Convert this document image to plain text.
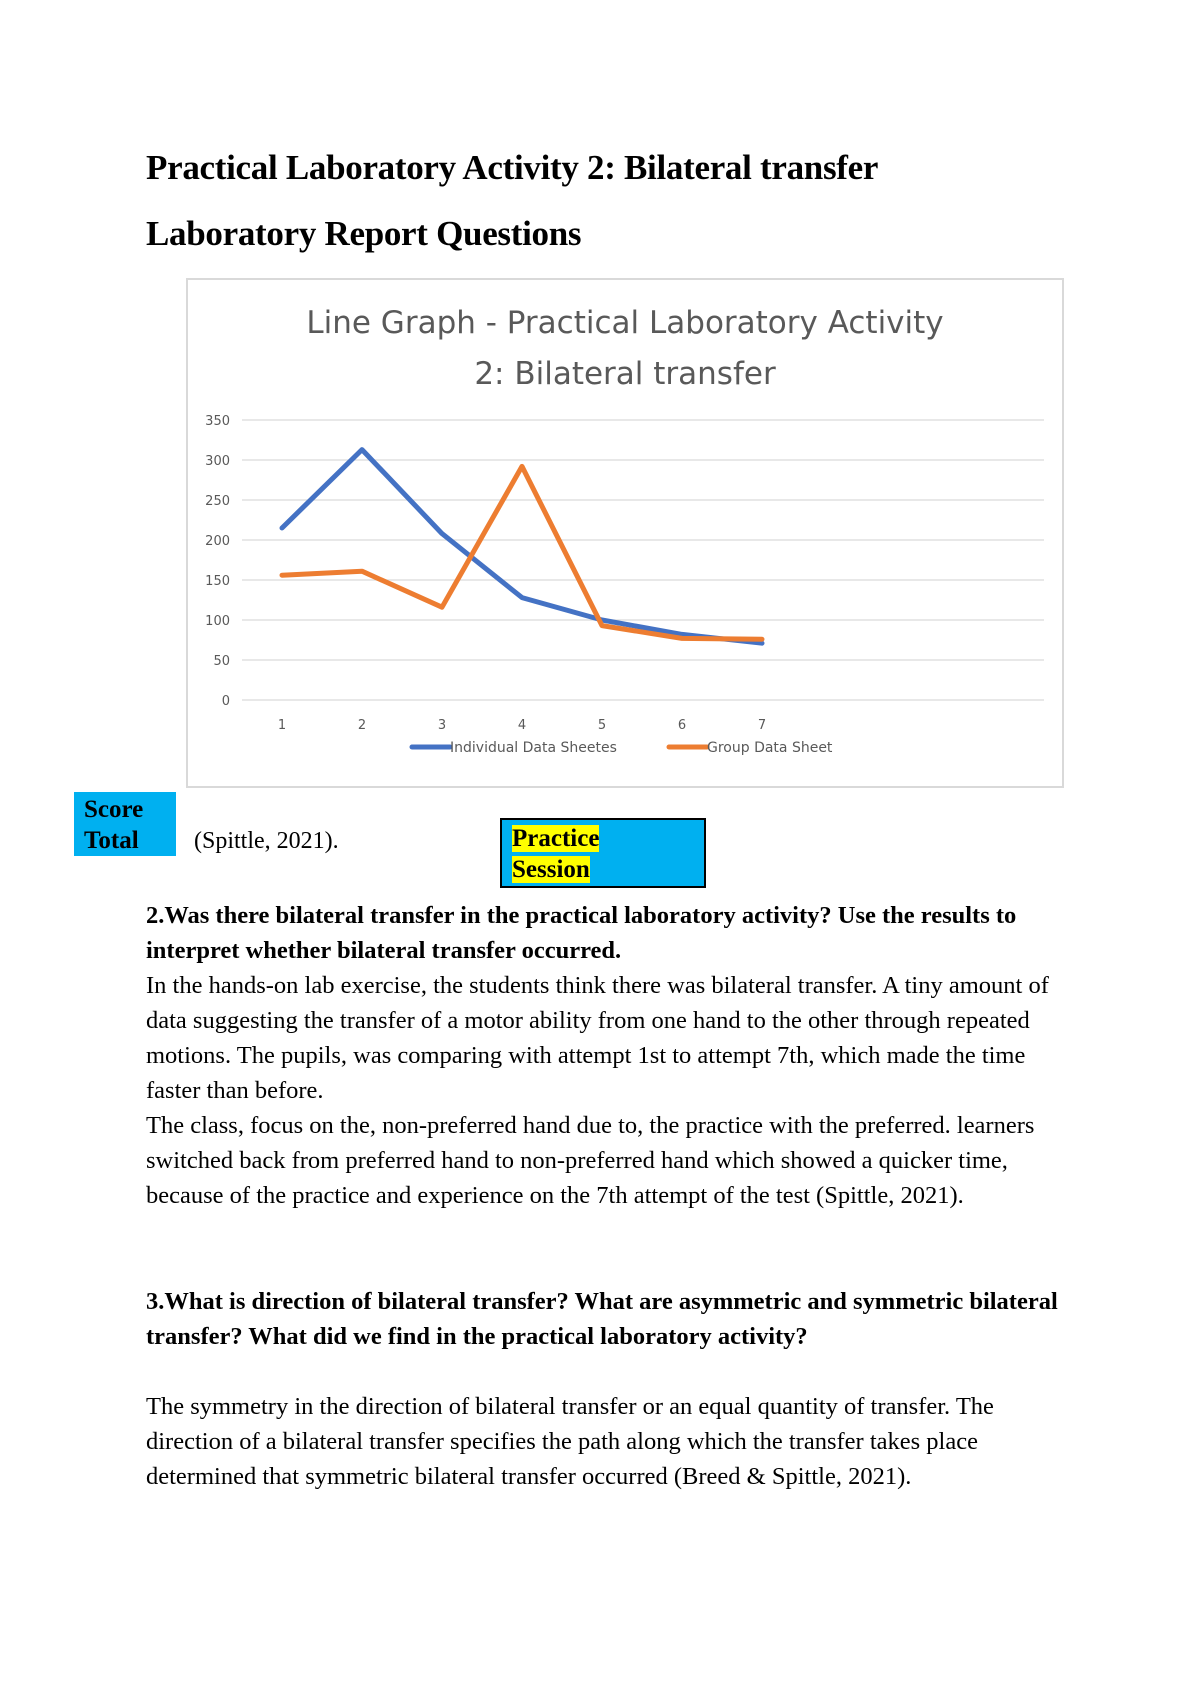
Practical Laboratory Activity 2: Bilateral transfer
Laboratory Report Questions
Line Graph - Practical Laboratory Activity
2: Bilateral transfer
0
50
100
150
200
250
300
350
1	2	3	4	5	6	7
Individual Data Sheetes	Group Data Sheet
Score
Total	(Spittle, 2021).	Practice
Session

2.Was there bilateral transfer in the practical laboratory activity? Use the results to interpret whether bilateral transfer occurred.

In the hands-on lab exercise, the students think there was bilateral transfer. A tiny amount of data suggesting the transfer of a motor ability from one hand to the other through repeated motions. The pupils, was comparing with attempt 1st to attempt 7th, which made the time faster than before.

The class, focus on the, non-preferred hand due to, the practice with the preferred. learners switched back from preferred hand to non-preferred hand which showed a quicker time, because of the practice and experience on the 7th attempt of the test (Spittle, 2021).

3.What is direction of bilateral transfer? What are asymmetric and symmetric bilateral transfer? What did we find in the practical laboratory activity?

The symmetry in the direction of bilateral transfer or an equal quantity of transfer. The direction of a bilateral transfer specifies the path along which the transfer takes place determined that symmetric bilateral transfer occurred (Breed & Spittle, 2021).
